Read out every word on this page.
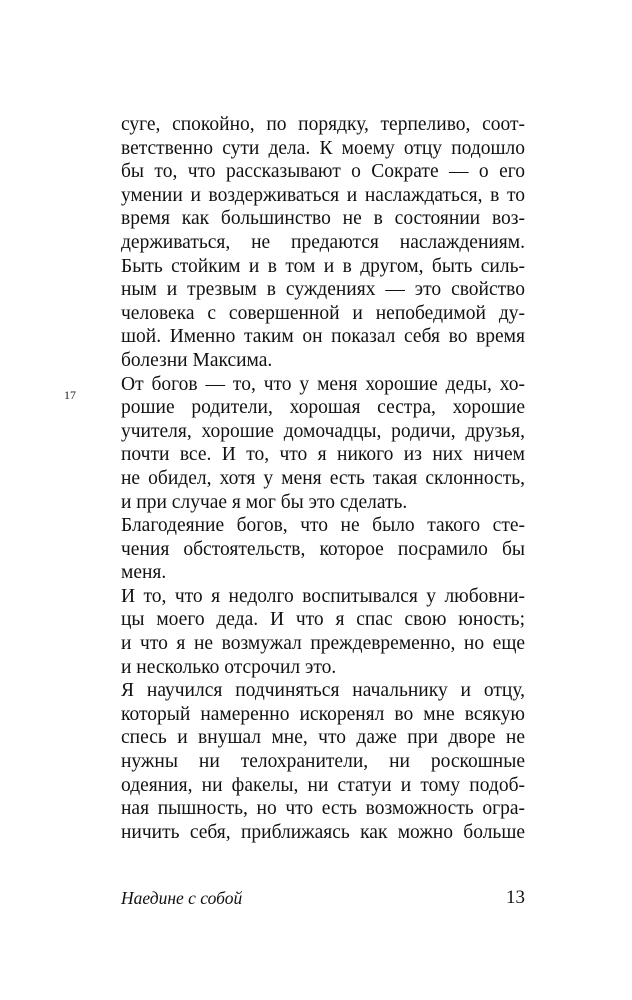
суге, спокойно, по порядку, терпеливо, соот-
ветственно сути дела. К моему отцу подошло
бы то, что рассказывают о Сократе — о его
умении и воздерживаться и наслаждаться, в то
время как большинство не в состоянии воз-
держиваться, не предаются наслаждениям.
Быть стойким и в том и в другом, быть силь-
ным и трезвым в суждениях — это свойство
человека с совершенной и непобедимой ду-
шой. Именно таким он показал себя во время
болезни Максима.
От богов — то, что у меня хорошие деды, хо-
рошие родители, хорошая сестра, хорошие
учителя, хорошие домочадцы, родичи, друзья,
почти все. И то, что я никого из них ничем
не обидел, хотя у меня есть такая склонность,
и при случае я мог бы это сделать.
Благодеяние богов, что не было такого сте-
чения обстоятельств, которое посрамило бы
меня.
И то, что я недолго воспитывался у любовни-
цы моего деда. И что я спас свою юность;
и что я не возмужал преждевременно, но еще
и несколько отсрочил это.
Я научился подчиняться начальнику и отцу,
который намеренно искоренял во мне всякую
спесь и внушал мне, что даже при дворе не
нужны ни телохранители, ни роскошные
одеяния, ни факелы, ни статуи и тому подоб-
ная пышность, но что есть возможность огра-
ничить себя, приближаясь как можно больше
17
Наедине с собой	13
